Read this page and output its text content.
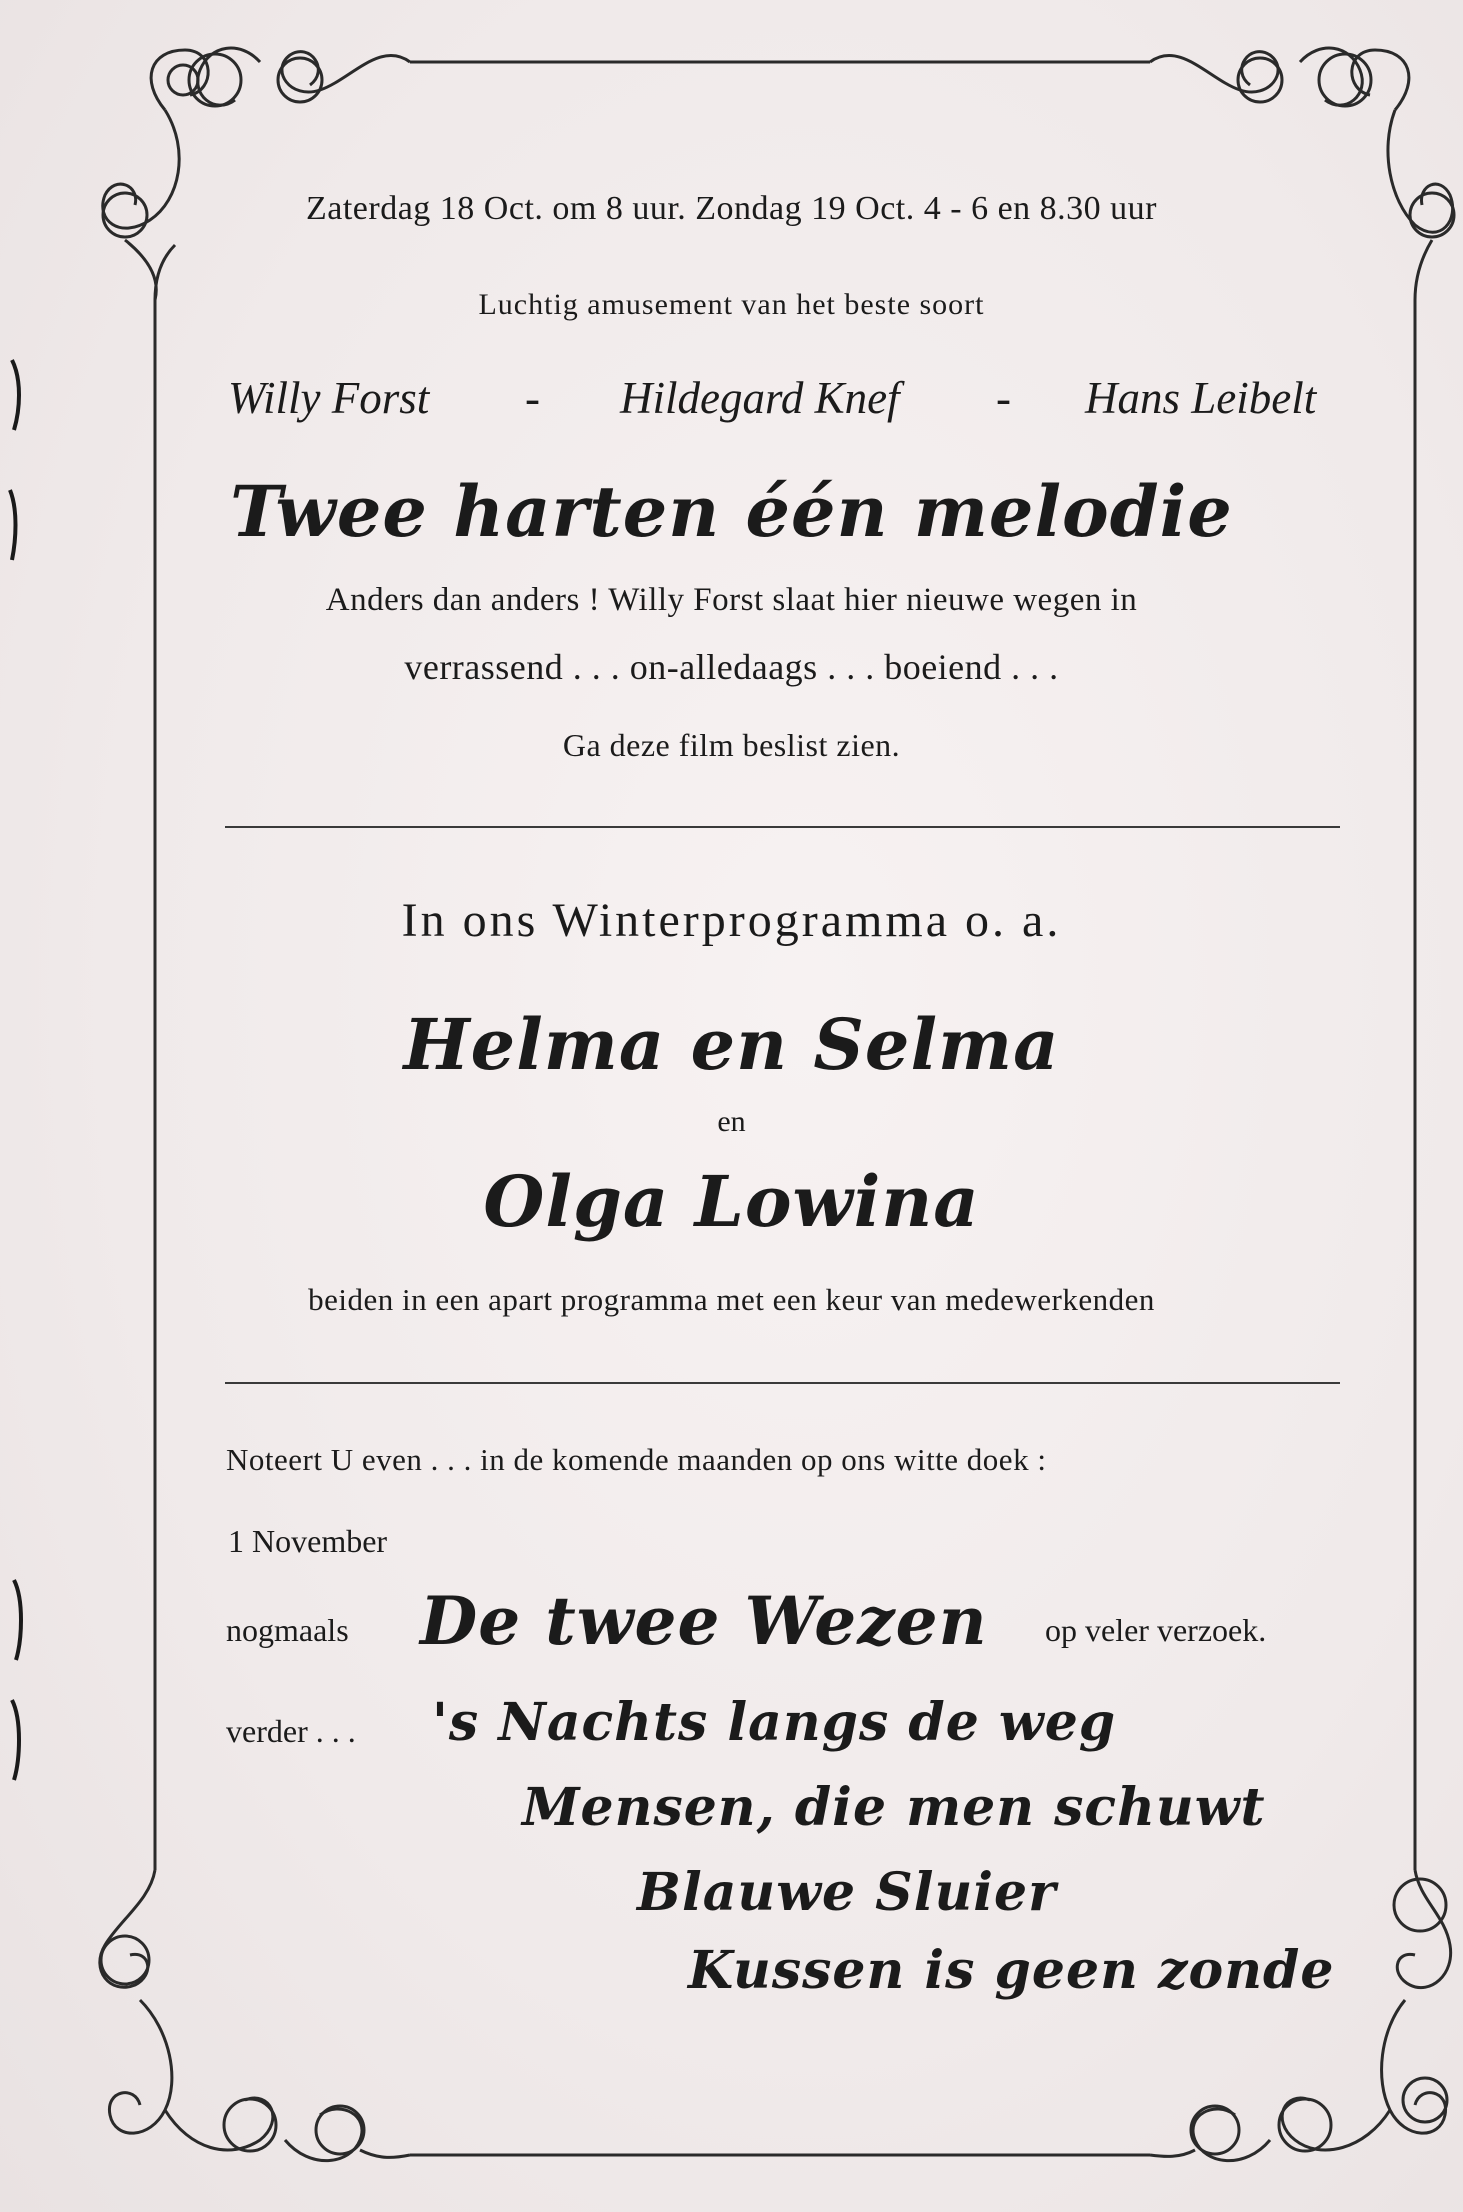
Zaterdag 18 Oct. om 8 uur. Zondag 19 Oct. 4 - 6 en 8.30 uur
Luchtig amusement van het beste soort
Willy Forst - Hildegard Knef - Hans Leibelt
Twee harten één melodie
Anders dan anders ! Willy Forst slaat hier nieuwe wegen in
verrassend . . . on-alledaags . . . boeiend . . .
Ga deze film beslist zien.
In ons Winterprogramma o. a.
Helma en Selma
en
Olga Lowina
beiden in een apart programma met een keur van medewerkenden
Noteert U even . . . in de komende maanden op ons witte doek :
1 November
nogmaals De twee Wezen op veler verzoek.
verder . . . 's Nachts langs de weg
Mensen, die men schuwt
Blauwe Sluier
Kussen is geen zonde
